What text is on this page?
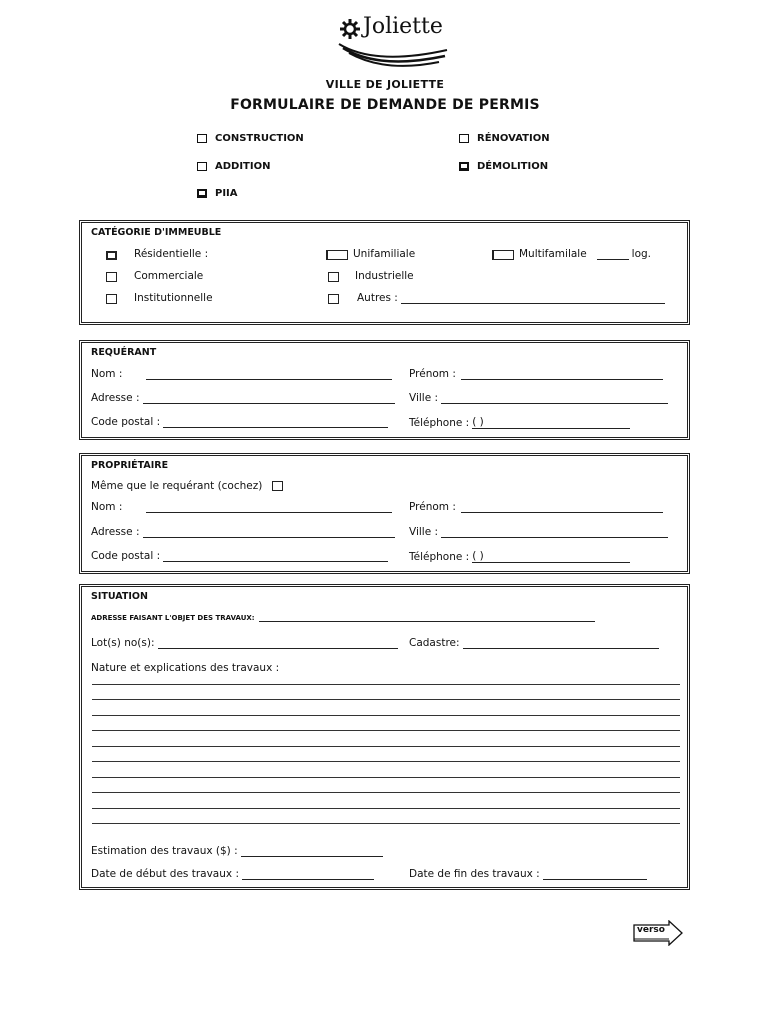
Joliette
VILLE DE JOLIETTE
FORMULAIRE DE DEMANDE DE PERMIS
CONSTRUCTION	RÉNOVATION
ADDITION	DÉMOLITION
PIIA
CATÉGORIE D'IMMEUBLE
Résidentielle :	Unifamiliale	Multifamilale	log.
Commerciale	Industrielle
Institutionnelle	Autres :
REQUÉRANT
Nom :	Prénom :
Adresse :	Ville :
Code postal :	Téléphone : ( )
PROPRIÉTAIRE
Même que le requérant (cochez)
Nom :	Prénom :
Adresse :	Ville :
Code postal :	Téléphone : ( )
SITUATION
ADRESSE FAISANT L'OBJET DES TRAVAUX:
Lot(s) no(s):	Cadastre:
Nature et explications des travaux :
Estimation des travaux ($) :
Date de début des travaux :	Date de fin des travaux :
verso
